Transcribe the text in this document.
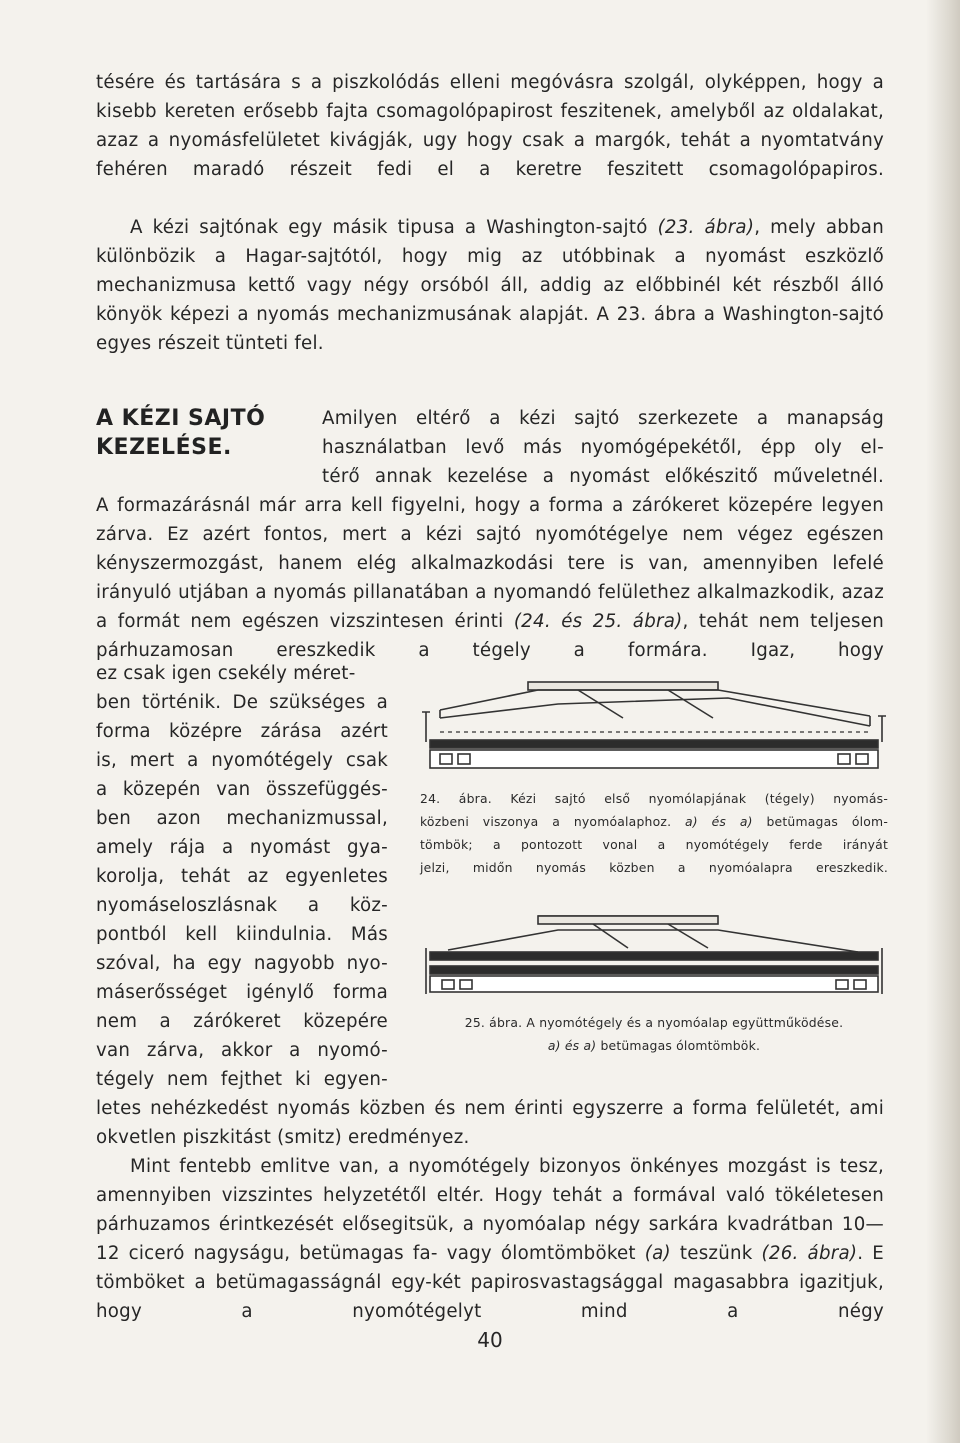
tésére és tartására s a piszkolódás elleni megóvásra szolgál, olyképpen, hogy a kisebb kereten erősebb fajta csomagolópapirost feszitenek, amelyből az oldalakat, azaz a nyomásfelületet kivágják, ugy hogy csak a margók, tehát a nyomtatvány fehéren maradó részeit fedi el a keretre feszitett csomagolópapiros.

A kézi sajtónak egy másik tipusa a Washington-sajtó (23. ábra), mely abban különbözik a Hagar-sajtótól, hogy mig az utóbbinak a nyomást eszközlő mechanizmusa kettő vagy négy orsóból áll, addig az előbbinél két részből álló könyök képezi a nyomás mechanizmusának alapját. A 23. ábra a Washington-sajtó egyes részeit tünteti fel.

A KÉZI SAJTÓ
KEZELÉSE.
Amilyen eltérő a kézi sajtó szerkezete a manapság
használatban levő más nyomógépekétől, épp oly el-
térő annak kezelése a nyomást előkészitő műveletnél.

A formazárásnál már arra kell figyelni, hogy a forma a zárókeret közepére legyen zárva. Ez azért fontos, mert a kézi sajtó nyomótégelye nem végez egészen kényszermozgást, hanem elég alkalmazkodási tere is van, amennyiben lefelé irányuló utjában a nyomás pillanatában a nyomandó felülethez alkalmazkodik, azaz a formát nem egészen vizszintesen érinti (24. és 25. ábra), tehát nem teljesen párhuzamosan ereszkedik a tégely a formára. Igaz, hogy

ez csak igen csekély méret-
ben történik. De szükséges a
forma középre zárása azért
is, mert a nyomótégely csak
a közepén van összefüggés-
ben azon mechanizmussal,
amely rája a nyomást gya-
korolja, tehát az egyenletes
nyomáseloszlásnak a köz-
pontból kell kiindulnia. Más
szóval, ha egy nagyobb nyo-
máserősséget igénylő forma
nem a zárókeret közepére
van zárva, akkor a nyomó-
tégely nem fejthet ki egyen-
24. ábra. Kézi sajtó első nyomólapjának (tégely) nyomás-
közbeni viszonya a nyomóalaphoz. a) és a) betümagas ólom-
tömbök; a pontozott vonal a nyomótégely ferde irányát
jelzi, midőn nyomás közben a nyomóalapra ereszkedik.
25. ábra. A nyomótégely és a nyomóalap együttműködése.
a) és a) betümagas ólomtömbök.

letes nehézkedést nyomás közben és nem érinti egyszerre a forma felületét, ami okvetlen piszkitást (smitz) eredményez.

Mint fentebb emlitve van, a nyomótégely bizonyos önkényes mozgást is tesz, amennyiben vizszintes helyzetétől eltér. Hogy tehát a formával való tökéletesen párhuzamos érintkezését elősegitsük, a nyomóalap négy sarkára kvadrátban 10—12 ciceró nagyságu, betümagas fa- vagy ólomtömböket (a) teszünk (26. ábra). E tömböket a betümagasságnál egy-két papirosvastagsággal magasabbra igazitjuk, hogy a nyomótégelyt mind a négy

40
